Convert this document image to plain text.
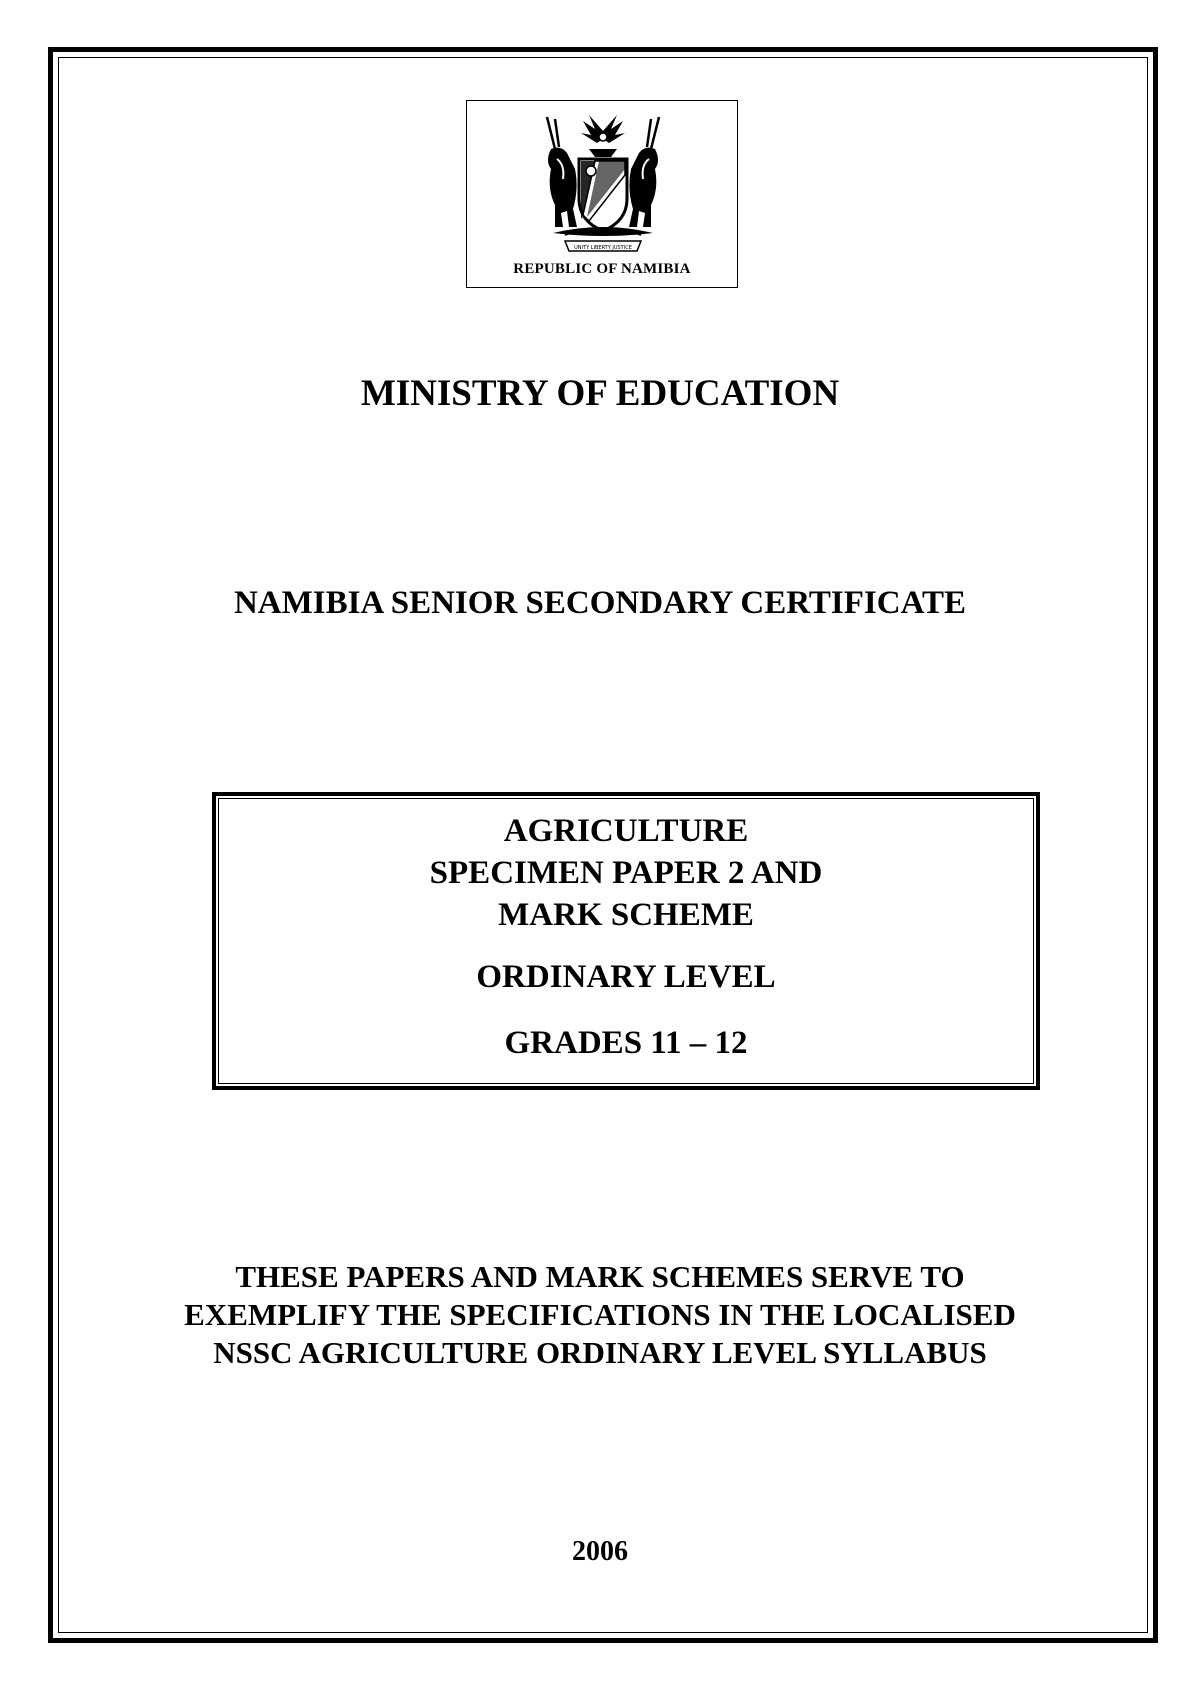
UNITY LIBERTY JUSTICE
REPUBLIC OF NAMIBIA
MINISTRY OF EDUCATION
NAMIBIA SENIOR SECONDARY CERTIFICATE
AGRICULTURE
SPECIMEN PAPER 2 AND
MARK SCHEME
ORDINARY LEVEL
GRADES 11 – 12
THESE PAPERS AND MARK SCHEMES SERVE TO
EXEMPLIFY THE SPECIFICATIONS IN THE LOCALISED
NSSC AGRICULTURE ORDINARY LEVEL SYLLABUS
2006
